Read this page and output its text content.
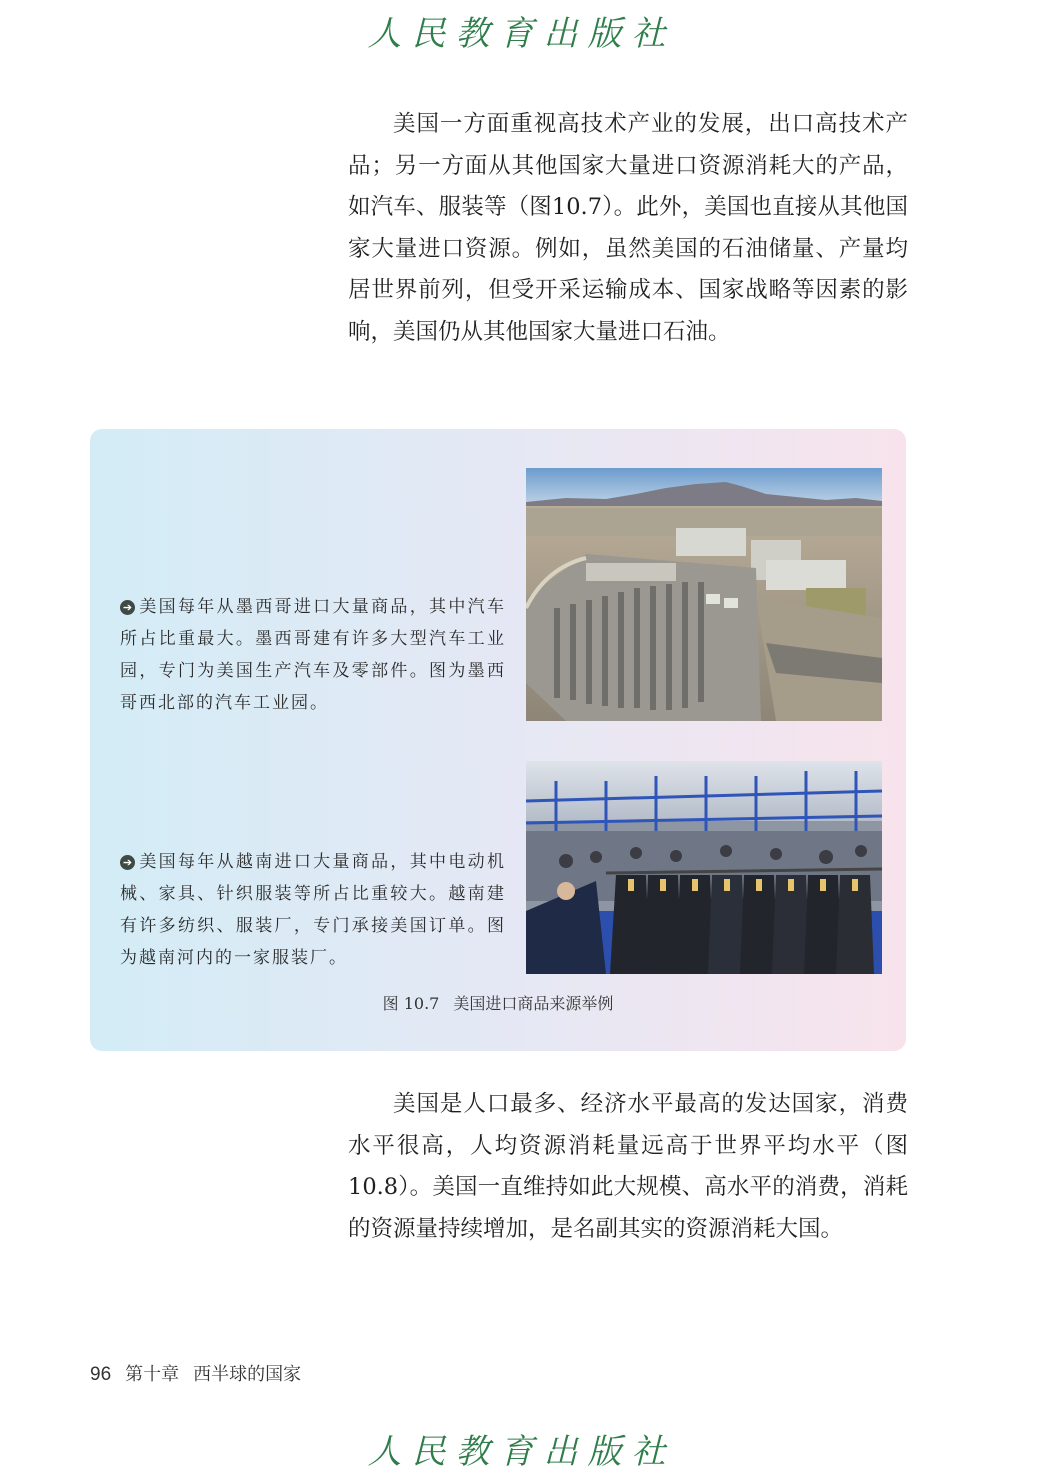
人民教育出版社

美国一方面重视高技术产业的发展，出口高技术产品；另一方面从其他国家大量进口资源消耗大的产品，如汽车、服装等（图10.7）。此外，美国也直接从其他国家大量进口资源。例如，虽然美国的石油储量、产量均居世界前列，但受开采运输成本、国家战略等因素的影响，美国仍从其他国家大量进口石油。

➔ 美国每年从墨西哥进口大量商品，其中汽车所占比重最大。墨西哥建有许多大型汽车工业园，专门为美国生产汽车及零部件。图为墨西哥西北部的汽车工业园。

➔ 美国每年从越南进口大量商品，其中电动机械、家具、针织服装等所占比重较大。越南建有许多纺织、服装厂，专门承接美国订单。图为越南河内的一家服装厂。

图 10.7 美国进口商品来源举例

美国是人口最多、经济水平最高的发达国家，消费水平很高，人均资源消耗量远高于世界平均水平（图10.8）。美国一直维持如此大规模、高水平的消费，消耗的资源量持续增加，是名副其实的资源消耗大国。

96 第十章 西半球的国家
人民教育出版社
